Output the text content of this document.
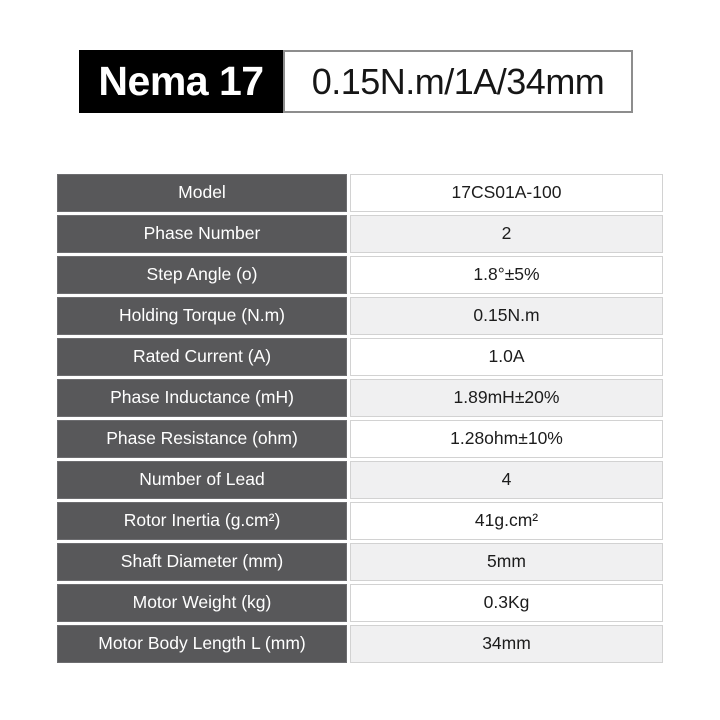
Nema 17 0.15N.m/1A/34mm
Model	17CS01A-100
Phase Number	2
Step Angle (o)	1.8°±5%
Holding Torque (N.m)	0.15N.m
Rated Current (A)	1.0A
Phase Inductance (mH)	1.89mH±20%
Phase Resistance (ohm)	1.28ohm±10%
Number of Lead	4
Rotor Inertia (g.cm²)	41g.cm²
Shaft Diameter (mm)	5mm
Motor Weight (kg)	0.3Kg
Motor Body Length L (mm)	34mm
